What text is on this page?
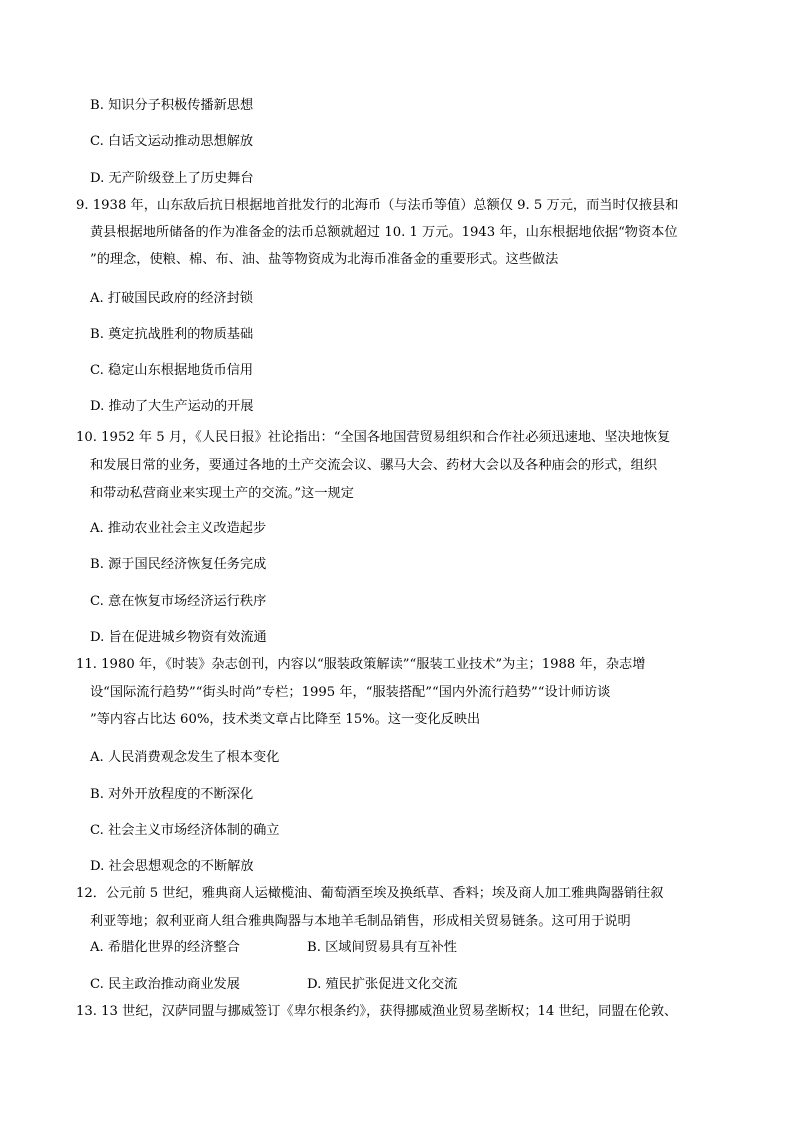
B. 知识分子积极传播新思想
C. 白话文运动推动思想解放
D. 无产阶级登上了历史舞台
9. 1938 年，山东敌后抗日根据地首批发行的北海币（与法币等值）总额仅 9. 5 万元，而当时仅掖县和
黄县根据地所储备的作为准备金的法币总额就超过 10. 1 万元。1943 年，山东根据地依据“物资本位
”的理念，使粮、棉、布、油、盐等物资成为北海币准备金的重要形式。这些做法
A. 打破国民政府的经济封锁
B. 奠定抗战胜利的物质基础
C. 稳定山东根据地货币信用
D. 推动了大生产运动的开展
10. 1952 年 5 月，《人民日报》社论指出：“全国各地国营贸易组织和合作社必须迅速地、坚决地恢复
和发展日常的业务，要通过各地的土产交流会议、骡马大会、药材大会以及各种庙会的形式，组织
和带动私营商业来实现土产的交流。”这一规定
A. 推动农业社会主义改造起步
B. 源于国民经济恢复任务完成
C. 意在恢复市场经济运行秩序
D. 旨在促进城乡物资有效流通
11. 1980 年，《时装》杂志创刊，内容以“服装政策解读”“服装工业技术”为主；1988 年，杂志增
设“国际流行趋势”“街头时尚”专栏；1995 年，“服装搭配”“国内外流行趋势”“设计师访谈
”等内容占比达 60%，技术类文章占比降至 15%。这一变化反映出
A. 人民消费观念发生了根本变化
B. 对外开放程度的不断深化
C. 社会主义市场经济体制的确立
D. 社会思想观念的不断解放
12．公元前 5 世纪，雅典商人运橄榄油、葡萄酒至埃及换纸草、香料；埃及商人加工雅典陶器销往叙
利亚等地；叙利亚商人组合雅典陶器与本地羊毛制品销售，形成相关贸易链条。这可用于说明
A. 希腊化世界的经济整合	B. 区域间贸易具有互补性
C. 民主政治推动商业发展	D. 殖民扩张促进文化交流
13. 13 世纪，汉萨同盟与挪威签订《卑尔根条约》，获得挪威渔业贸易垄断权；14 世纪，同盟在伦敦、
